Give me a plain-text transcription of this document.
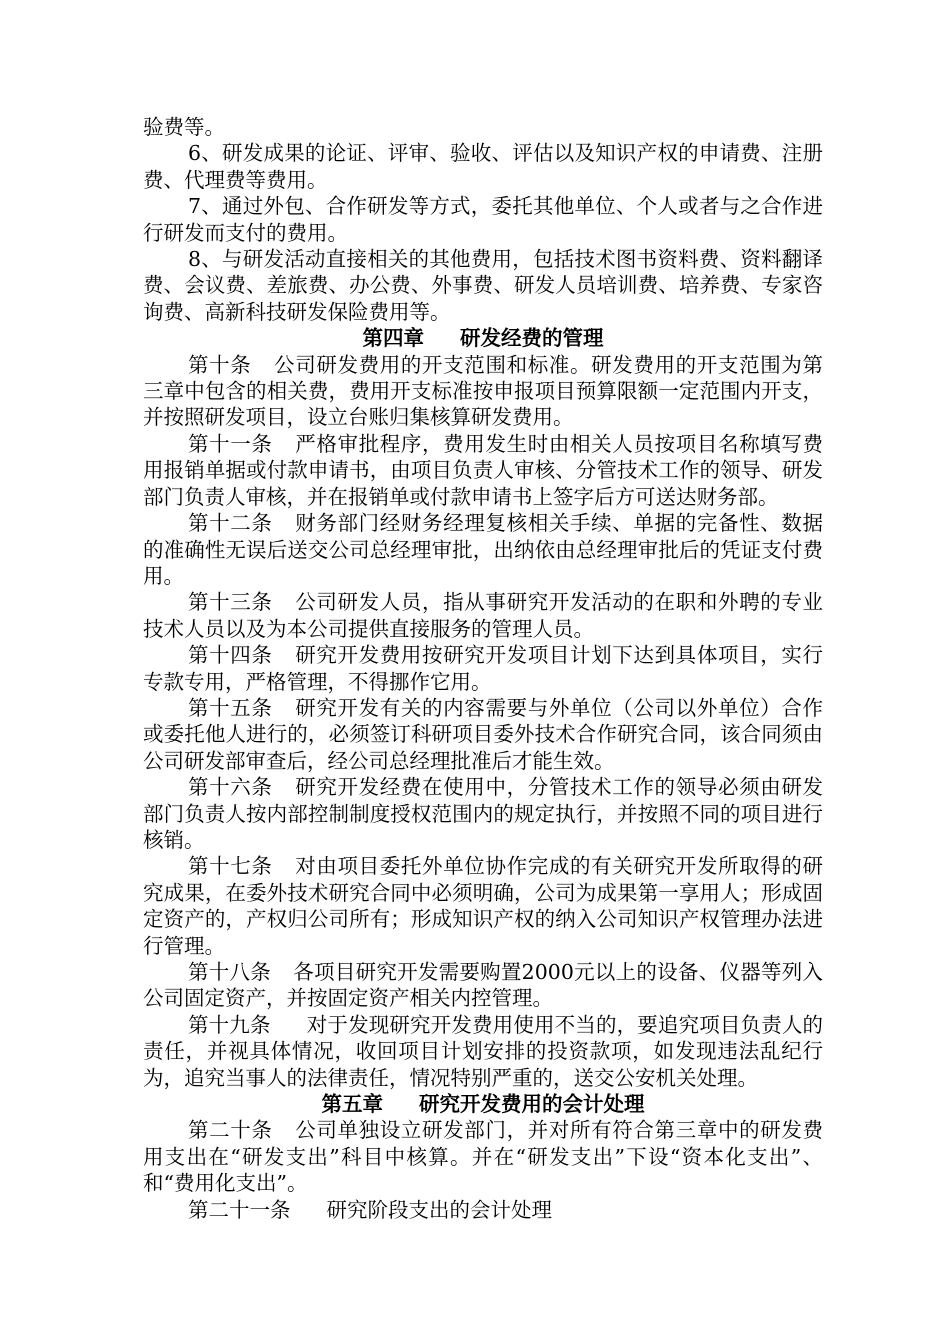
验费等。

6、研发成果的论证、评审、验收、评估以及知识产权的申请费、注册费、代理费等费用。

7、通过外包、合作研发等方式，委托其他单位、个人或者与之合作进行研发而支付的费用。

8、与研发活动直接相关的其他费用，包括技术图书资料费、资料翻译费、会议费、差旅费、办公费、外事费、研发人员培训费、培养费、专家咨询费、高新科技研发保险费用等。

第四章 研发经费的管理

第十条 公司研发费用的开支范围和标准。研发费用的开支范围为第三章中包含的相关费，费用开支标准按申报项目预算限额一定范围内开支，并按照研发项目，设立台账归集核算研发费用。

第十一条 严格审批程序，费用发生时由相关人员按项目名称填写费用报销单据或付款申请书，由项目负责人审核、分管技术工作的领导、研发部门负责人审核，并在报销单或付款申请书上签字后方可送达财务部。

第十二条 财务部门经财务经理复核相关手续、单据的完备性、数据的准确性无误后送交公司总经理审批，出纳依由总经理审批后的凭证支付费用。

第十三条 公司研发人员，指从事研究开发活动的在职和外聘的专业技术人员以及为本公司提供直接服务的管理人员。

第十四条 研究开发费用按研究开发项目计划下达到具体项目，实行专款专用，严格管理，不得挪作它用。

第十五条 研究开发有关的内容需要与外单位（公司以外单位）合作或委托他人进行的，必须签订科研项目委外技术合作研究合同，该合同须由公司研发部审查后，经公司总经理批准后才能生效。

第十六条 研究开发经费在使用中，分管技术工作的领导必须由研发部门负责人按内部控制制度授权范围内的规定执行，并按照不同的项目进行核销。

第十七条 对由项目委托外单位协作完成的有关研究开发所取得的研究成果，在委外技术研究合同中必须明确，公司为成果第一享用人；形成固定资产的，产权归公司所有；形成知识产权的纳入公司知识产权管理办法进行管理。

第十八条 各项目研究开发需要购置2000元以上的设备、仪器等列入公司固定资产，并按固定资产相关内控管理。

第十九条 对于发现研究开发费用使用不当的，要追究项目负责人的责任，并视具体情况，收回项目计划安排的投资款项，如发现违法乱纪行为，追究当事人的法律责任，情况特别严重的，送交公安机关处理。

第五章 研究开发费用的会计处理

第二十条 公司单独设立研发部门，并对所有符合第三章中的研发费用支出在“研发支出”科目中核算。并在“研发支出”下设“资本化支出”、和“费用化支出”。

第二十一条 研究阶段支出的会计处理
